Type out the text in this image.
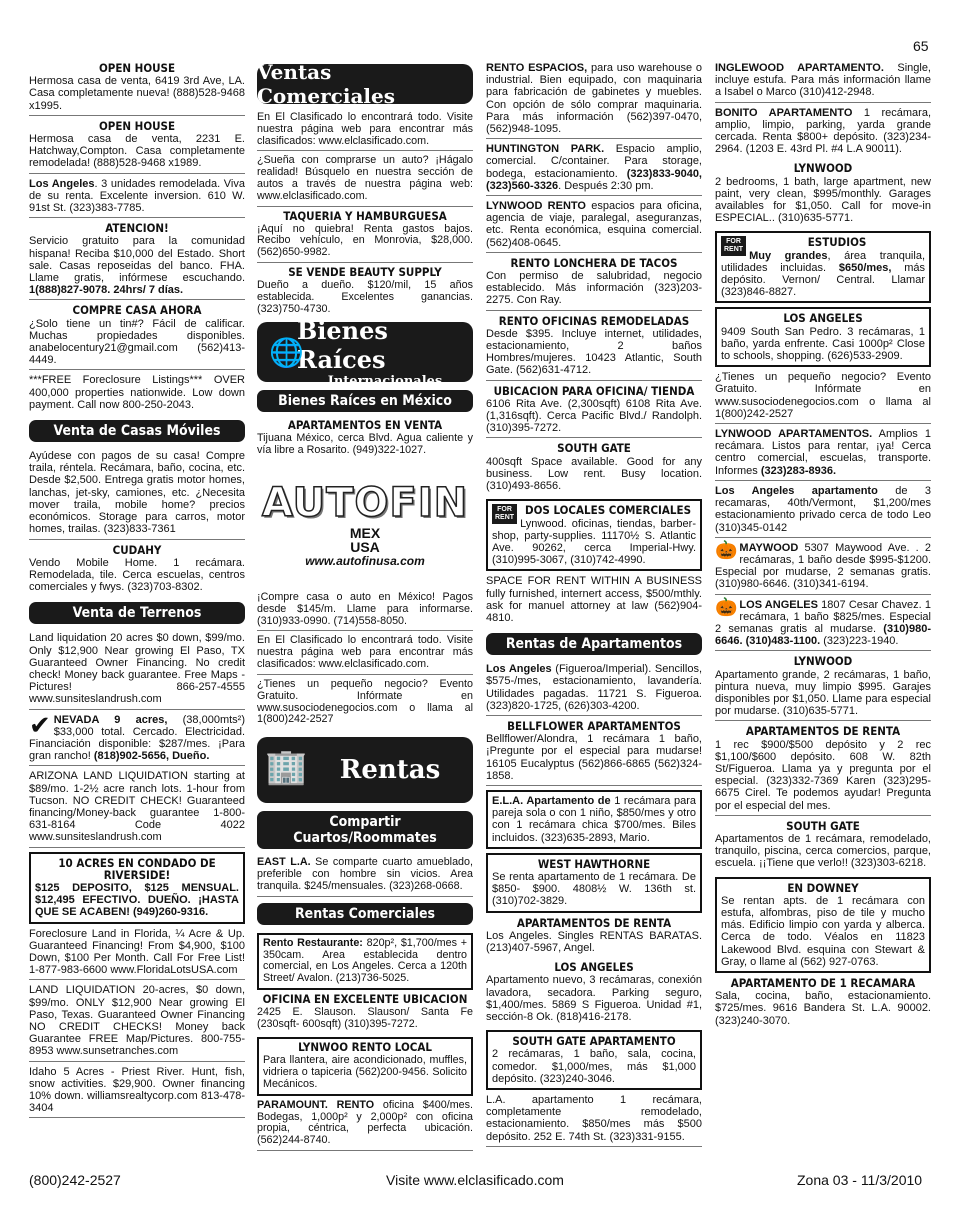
65
OPEN HOUSE
Hermosa casa de venta, 6419 3rd Ave, LA. Casa completamente nueva! (888)528-9468 x1995.
OPEN HOUSE
Hermosa casa de venta, 2231 E. Hatchway,Compton. Casa completamente remodelada! (888)528-9468 x1989.
Los Angeles. 3 unidades remodelada. Viva de su renta. Excelente inversion. 610 W. 91st St. (323)383-7785.
ATENCION!
Servicio gratuito para la comunidad hispana! Reciba $10,000 del Estado. Short sale. Casas reposeidas del banco. FHA. Llame gratis, infórmese escuchando. 1(888)827-9078. 24hrs/ 7 días.
COMPRE CASA AHORA
¿Solo tiene un tin#? Fácil de calificar. Muchas propiedades disponibles. anabelocentury21@gmail.com (562)413-4449.
***FREE Foreclosure Listings*** OVER 400,000 properties nationwide. Low down payment. Call now 800-250-2043.
Venta de Casas Móviles
Ayúdese con pagos de su casa! Compre traila, réntela. Recámara, baño, cocina, etc. Desde $2,500. Entrega gratis motor homes, lanchas, jet-sky, camiones, etc. ¿Necesita mover traila, mobile home? precios económicos. Storage para carros, motor homes, trailas. (323)833-7361
CUDAHY
Vendo Mobile Home. 1 recámara. Remodelada, tile. Cerca escuelas, centros comerciales y fwys. (323)703-8302.
Venta de Terrenos
Land liquidation 20 acres $0 down, $99/mo. Only $12,900 Near growing El Paso, TX Guaranteed Owner Financing. No credit check! Money back guarantee. Free Maps - Pictures! 866-257-4555 www.sunsiteslandrush.com
✔ NEVADA 9 acres, (38,000mts²) $33,000 total. Cercado. Electricidad. Financiación disponible: $287/mes. ¡Para gran rancho! (818)902-5656, Dueño.
ARIZONA LAND LIQUIDATION starting at $89/mo. 1-2½ acre ranch lots. 1-hour from Tucson. NO CREDIT CHECK! Guaranteed financing/Money-back guarantee 1-800-631-8164 Code 4022 www.sunsiteslandrush.com
10 ACRES EN CONDADO DE RIVERSIDE!
$125 DEPOSITO, $125 MENSUAL. $12,495 EFECTIVO. DUEÑO. ¡HASTA QUE SE ACABEN! (949)260-9316.
Foreclosure Land in Florida, ¼ Acre & Up. Guaranteed Financing! From $4,900, $100 Down, $100 Per Month. Call For Free List! 1-877-983-6600 www.FloridaLotsUSA.com
LAND LIQUIDATION 20-acres, $0 down, $99/mo. ONLY $12,900 Near growing El Paso, Texas. Guaranteed Owner Financing NO CREDIT CHECKS! Money back Guarantee FREE Map/Pictures. 800-755-8953 www.sunsetranches.com
Idaho 5 Acres - Priest River. Hunt, fish, snow activities. $29,900. Owner financing 10% down. williamsrealtycorp.com 813-478-3404
Ventas Comerciales
En El Clasificado lo encontrará todo. Visite nuestra página web para encontrar más clasificados: www.elclasificado.com.
¿Sueña con comprarse un auto? ¡Hágalo realidad! Búsquelo en nuestra sección de autos a través de nuestra página web: www.elclasificado.com.
TAQUERIA Y HAMBURGUESA
¡Aquí no quiebra! Renta gastos bajos. Recibo vehículo, en Monrovia, $28,000. (562)650-9982.
SE VENDE BEAUTY SUPPLY
Dueño a dueño. $120/mil, 15 años establecida. Excelentes ganancias. (323)750-4730.
🌐
Bienes Raíces
Internacionales
Bienes Raíces en México
APARTAMENTOS EN VENTA
Tijuana México, cerca Blvd. Agua caliente y vía libre a Rosarito. (949)322-1027.
AUTOFIN MEX USA
www.autofinusa.com
¡Compre casa o auto en México! Pagos desde $145/m. Llame para informarse. (310)933-0990. (714)558-8050.
En El Clasificado lo encontrará todo. Visite nuestra página web para encontrar más clasificados: www.elclasificado.com.
¿Tienes un pequeño negocio? Evento Gratuito. Infórmate en www.susociodenegocios.com o llama al 1(800)242-2527
🏢 Rentas
Compartir Cuartos/Roommates
EAST L.A. Se comparte cuarto amueblado, preferible con hombre sin vicios. Area tranquila. $245/mensuales. (323)268-0668.
Rentas Comerciales
Rento Restaurante: 820p², $1,700/mes + 350cam. Area establecida dentro comercial, en Los Angeles. Cerca a 120th Street/ Avalon. (213)736-5025.
OFICINA EN EXCELENTE UBICACION
2425 E. Slauson. Slauson/ Santa Fe (230sqft- 600sqft) (310)395-7272.
LYNWOO RENTO LOCAL
Para llantera, aire acondicionado, muffles, vidriera o tapiceria (562)200-9456. Solicito Mecánicos.
PARAMOUNT. RENTO oficina $400/mes. Bodegas, 1,000p² y 2,000p² con oficina propia, céntrica, perfecta ubicación. (562)244-8740.
RENTO ESPACIOS, para uso warehouse o industrial. Bien equipado, con maquinaria para fabricación de gabinetes y muebles. Con opción de sólo comprar maquinaria. Para más información (562)397-0470, (562)948-1095.
HUNTINGTON PARK. Espacio amplio, comercial. C/container. Para storage, bodega, estacionamiento. (323)833-9040, (323)560-3326. Después 2:30 pm.
LYNWOOD RENTO espacios para oficina, agencia de viaje, paralegal, aseguranzas, etc. Renta económica, esquina comercial. (562)408-0645.
RENTO LONCHERA DE TACOS
Con permiso de salubridad, negocio establecido. Más información (323)203-2275. Con Ray.
RENTO OFICINAS REMODELADAS
Desde $395. Incluye internet, utilidades, estacionamiento, 2 baños Hombres/mujeres. 10423 Atlantic, South Gate. (562)631-4712.
UBICACION PARA OFICINA/ TIENDA
6106 Rita Ave. (2,300sqft) 6108 Rita Ave. (1,316sqft). Cerca Pacific Blvd./ Randolph. (310)395-7272.
SOUTH GATE
400sqft Space available. Good for any business. Low rent. Busy location. (310)493-8656.
FOR
RENT
DOS LOCALES COMERCIALES
Lynwood. oficinas, tiendas, barber-shop, party-supplies. 11170½ S. Atlantic Ave. 90262, cerca Imperial-Hwy. (310)995-3067, (310)742-4990.
SPACE FOR RENT WITHIN A BUSINESS fully furnished, internert access, $500/mthly. ask for manuel attorney at law (562)904-4810.
Rentas de Apartamentos
Los Angeles (Figueroa/Imperial). Sencillos, $575-/mes, estacionamiento, lavandería. Utilidades pagadas. 11721 S. Figueroa. (323)820-1725, (626)303-4200.
BELLFLOWER APARTAMENTOS
Bellflower/Alondra, 1 recámara 1 baño, ¡Pregunte por el especial para mudarse! 16105 Eucalyptus (562)866-6865 (562)324-1858.
E.L.A. Apartamento de 1 recámara para pareja sola o con 1 niño, $850/mes y otro con 1 recámara chica $700/mes. Biles incluidos. (323)635-2893, Mario.
WEST HAWTHORNE
Se renta apartamento de 1 recámara. De $850- $900. 4808½ W. 136th st. (310)702-3829.
APARTAMENTOS DE RENTA
Los Angeles. Singles RENTAS BARATAS. (213)407-5967, Angel.
LOS ANGELES
Apartamento nuevo, 3 recámaras, conexión lavadora, secadora. Parking seguro, $1,400/mes. 5869 S Figueroa. Unidad #1, sección-8 Ok. (818)416-2178.
SOUTH GATE APARTAMENTO
2 recámaras, 1 baño, sala, cocina, comedor. $1,000/mes, más $1,000 depósito. (323)240-3046.
L.A. apartamento 1 recámara, completamente remodelado, estacionamiento. $850/mes más $500 depósito. 252 E. 74th St. (323)331-9155.
INGLEWOOD APARTAMENTO. Single, incluye estufa. Para más información llame a Isabel o Marco (310)412-2948.
BONITO APARTAMENTO 1 recámara, amplio, limpio, parking, yarda grande cercada. Renta $800+ depósito. (323)234-2964. (1203 E. 43rd Pl. #4 L.A 90011).
LYNWOOD
2 bedrooms, 1 bath, large apartment, new paint, very clean, $995/monthly. Garages availables for $1,050. Call for move-in ESPECIAL.. (310)635-5771.
FOR
RENT
ESTUDIOS
Muy grandes, área tranquila, utilidades incluidas. $650/mes, más depósito. Vernon/ Central. Llamar (323)846-8827.
LOS ANGELES
9409 South San Pedro. 3 recámaras, 1 baño, yarda enfrente. Casi 1000p² Close to schools, shopping. (626)533-2909.
¿Tienes un pequeño negocio? Evento Gratuito. Infórmate en www.susociodenegocios.com o llama al 1(800)242-2527
LYNWOOD APARTAMENTOS. Amplios 1 recámara. Listos para rentar, ¡ya! Cerca centro comercial, escuelas, transporte. Informes (323)283-8936.
Los Angeles apartamento de 3 recamaras, 40th/Vermont, $1,200/mes estacionamiento privado cerca de todo Leo (310)345-0142
🎃 MAYWOOD 5307 Maywood Ave. . 2 recámaras, 1 baño desde $995-$1200. Especial por mudarse, 2 semanas gratis. (310)980-6646. (310)341-6194.
🎃 LOS ANGELES 1807 Cesar Chavez. 1 recámara, 1 baño $825/mes. Especial 2 semanas gratis al mudarse. (310)980-6646. (310)483-1100. (323)223-1940.
LYNWOOD
Apartamento grande, 2 recámaras, 1 baño, pintura nueva, muy limpio $995. Garajes disponibles por $1,050. Llame para especial por mudarse. (310)635-5771.
APARTAMENTOS DE RENTA
1 rec $900/$500 depósito y 2 rec $1,100/$600 depósito. 608 W. 82th St/Figueroa. Llama ya y pregunta por el especial. (323)332-7369 Karen (323)295-6675 Cirel. Te podemos ayudar! Pregunta por el especial del mes.
SOUTH GATE
Apartamentos de 1 recámara, remodelado, tranquilo, piscina, cerca comercios, parque, escuela. ¡¡Tiene que verlo!! (323)303-6218.
EN DOWNEY
Se rentan apts. de 1 recámara con estufa, alfombras, piso de tile y mucho más. Edificio limpio con yarda y alberca. Cerca de todo. Véalos en 11823 Lakewood Blvd. esquina con Stewart & Gray, o llame al (562) 927-0763.
APARTAMENTO DE 1 RECAMARA
Sala, cocina, baño, estacionamiento. $725/mes. 9616 Bandera St. L.A. 90002. (323)240-3070.
(800)242-2527	Visite www.elclasificado.com	Zona 03 - 11/3/2010
